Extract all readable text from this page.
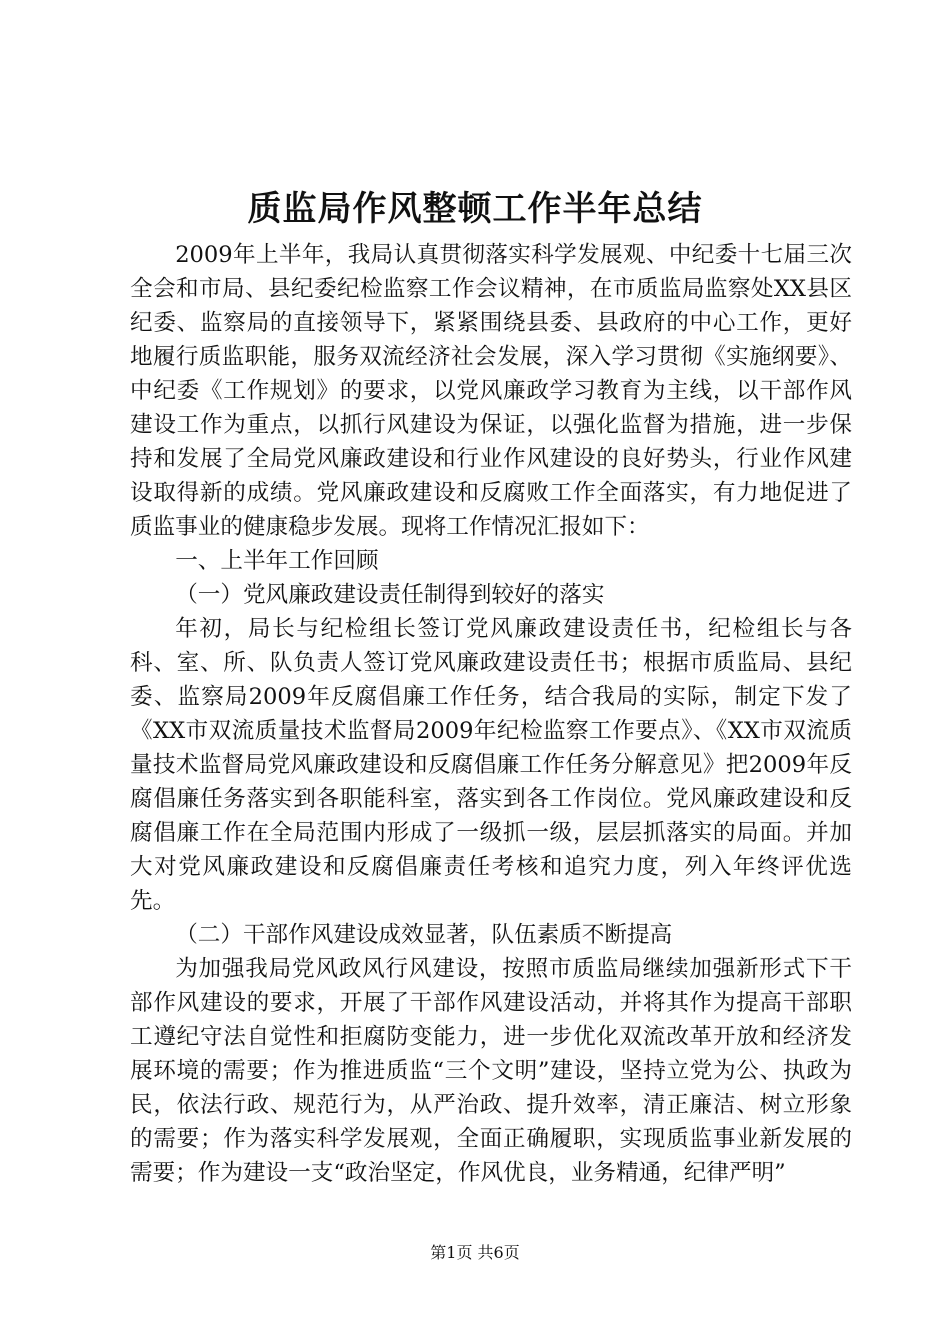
质监局作风整顿工作半年总结

2009年上半年，我局认真贯彻落实科学发展观、中纪委十七届三次全会和市局、县纪委纪检监察工作会议精神，在市质监局监察处XX县区纪委、监察局的直接领导下，紧紧围绕县委、县政府的中心工作，更好地履行质监职能，服务双流经济社会发展，深入学习贯彻《实施纲要》、中纪委《工作规划》的要求，以党风廉政学习教育为主线，以干部作风建设工作为重点，以抓行风建设为保证，以强化监督为措施，进一步保持和发展了全局党风廉政建设和行业作风建设的良好势头，行业作风建设取得新的成绩。党风廉政建设和反腐败工作全面落实，有力地促进了质监事业的健康稳步发展。现将工作情况汇报如下：

一、上半年工作回顾

（一）党风廉政建设责任制得到较好的落实

年初，局长与纪检组长签订党风廉政建设责任书，纪检组长与各科、室、所、队负责人签订党风廉政建设责任书；根据市质监局、县纪委、监察局2009年反腐倡廉工作任务，结合我局的实际，制定下发了《XX市双流质量技术监督局2009年纪检监察工作要点》、《XX市双流质量技术监督局党风廉政建设和反腐倡廉工作任务分解意见》把2009年反腐倡廉任务落实到各职能科室，落实到各工作岗位。党风廉政建设和反腐倡廉工作在全局范围内形成了一级抓一级，层层抓落实的局面。并加大对党风廉政建设和反腐倡廉责任考核和追究力度，列入年终评优选先。

（二）干部作风建设成效显著，队伍素质不断提高

为加强我局党风政风行风建设，按照市质监局继续加强新形式下干部作风建设的要求，开展了干部作风建设活动，并将其作为提高干部职工遵纪守法自觉性和拒腐防变能力，进一步优化双流改革开放和经济发展环境的需要；作为推进质监“三个文明”建设，坚持立党为公、执政为民，依法行政、规范行为，从严治政、提升效率，清正廉洁、树立形象的需要；作为落实科学发展观，全面正确履职，实现质监事业新发展的需要；作为建设一支“政治坚定，作风优良，业务精通，纪律严明”

第1页 共6页
